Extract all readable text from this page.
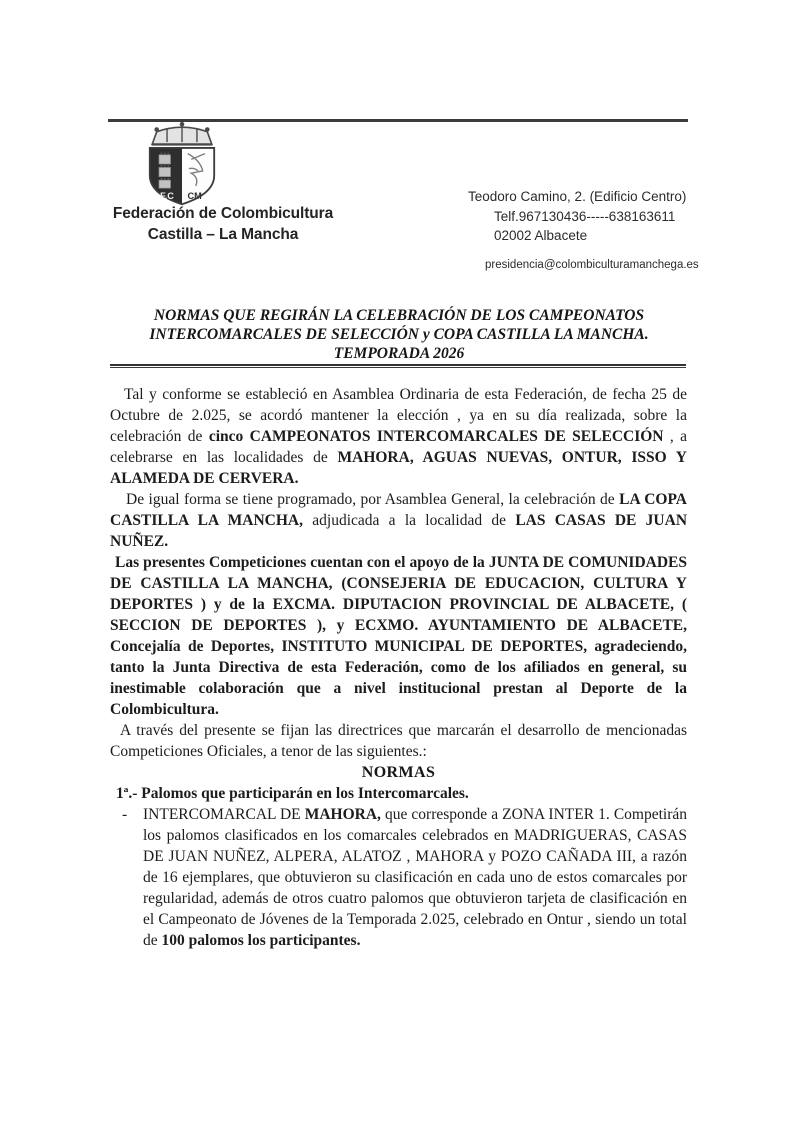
F.C CM
Federación de Colombicultura
Castilla – La Mancha
Teodoro Camino, 2. (Edificio Centro)
Telf.967130436-----638163611
02002 Albacete
presidencia@colombiculturamanchega.es
NORMAS QUE REGIRÁN LA CELEBRACIÓN DE LOS CAMPEONATOS
INTERCOMARCALES DE SELECCIÓN y COPA CASTILLA LA MANCHA.
TEMPORADA 2026

Tal y conforme se estableció en Asamblea Ordinaria de esta Federación, de fecha 25 de Octubre de 2.025, se acordó mantener la elección , ya en su día realizada, sobre la celebración de cinco CAMPEONATOS INTERCOMARCALES DE SELECCIÓN , a celebrarse en las localidades de MAHORA, AGUAS NUEVAS, ONTUR, ISSO Y ALAMEDA DE CERVERA.

De igual forma se tiene programado, por Asamblea General, la celebración de LA COPA CASTILLA LA MANCHA, adjudicada a la localidad de LAS CASAS DE JUAN NUÑEZ.

Las presentes Competiciones cuentan con el apoyo de la JUNTA DE COMUNIDADES DE CASTILLA LA MANCHA, (CONSEJERIA DE EDUCACION, CULTURA Y DEPORTES ) y de la EXCMA. DIPUTACION PROVINCIAL DE ALBACETE, ( SECCION DE DEPORTES ), y ECXMO. AYUNTAMIENTO DE ALBACETE, Concejalía de Deportes, INSTITUTO MUNICIPAL DE DEPORTES, agradeciendo, tanto la Junta Directiva de esta Federación, como de los afiliados en general, su inestimable colaboración que a nivel institucional prestan al Deporte de la Colombicultura.

A través del presente se fijan las directrices que marcarán el desarrollo de mencionadas Competiciones Oficiales, a tenor de las siguientes.:

NORMAS

1ª.- Palomos que participarán en los Intercomarcales.

-	INTERCOMARCAL DE MAHORA, que corresponde a ZONA INTER 1. Competirán los palomos clasificados en los comarcales celebrados en MADRIGUERAS, CASAS DE JUAN NUÑEZ, ALPERA, ALATOZ , MAHORA y POZO CAÑADA III, a razón de 16 ejemplares, que obtuvieron su clasificación en cada uno de estos comarcales por regularidad, además de otros cuatro palomos que obtuvieron tarjeta de clasificación en el Campeonato de Jóvenes de la Temporada 2.025, celebrado en Ontur , siendo un total de 100 palomos los participantes.
